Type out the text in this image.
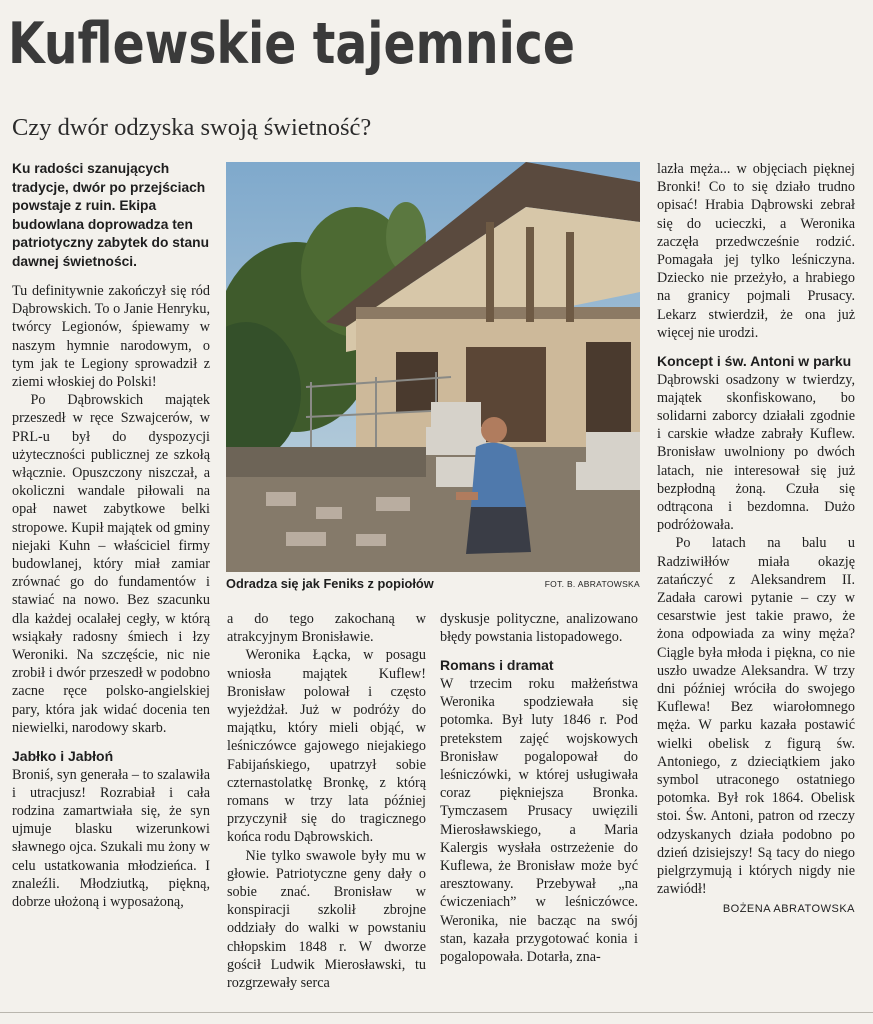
Kuflewskie tajemnice
Czy dwór odzyska swoją świetność?

Ku radości szanujących tradycje, dwór po przejściach powstaje z ruin. Ekipa budowlana doprowadza ten patriotyczny zabytek do stanu dawnej świetności.

Tu definitywnie zakończył się ród Dąbrowskich. To o Janie Henryku, twórcy Legionów, śpiewamy w naszym hymnie narodowym, o tym jak te Legiony sprowadził z ziemi włoskiej do Polski!

Po Dąbrowskich majątek przeszedł w ręce Szwajcerów, w PRL-u był do dyspozycji użyteczności publicznej ze szkołą włącznie. Opuszczony niszczał, a okoliczni wandale piłowali na opał nawet zabytkowe belki stropowe. Kupił majątek od gminy niejaki Kuhn – właściciel firmy budowlanej, który miał zamiar zrównać go do fundamentów i stawiać na nowo. Bez szacunku dla każdej ocalałej cegły, w którą wsiąkały radosny śmiech i łzy Weroniki. Na szczęście, nic nie zrobił i dwór przeszedł w podobno zacne ręce polsko-angielskiej pary, która jak widać docenia ten niewielki, narodowy skarb.

Jabłko i Jabłoń

Broniś, syn generała – to szalawiła i utracjusz! Rozrabiał i cała rodzina zamartwiała się, że syn ujmuje blasku wizerunkowi sławnego ojca. Szukali mu żony w celu ustatkowania młodzieńca. I znaleźli. Młodziutką, piękną, dobrze ułożoną i wyposażoną,

Odradza się jak Feniks z popiołów	FOT. B. ABRATOWSKA

a do tego zakochaną w atrakcyjnym Bronisławie.

Weronika Łącka, w posagu wniosła majątek Kuflew! Bronisław polował i często wyjeżdżał. Już w podróży do majątku, który mieli objąć, w leśniczówce gajowego niejakiego Fabijańskiego, upatrzył sobie czternastolatkę Bronkę, z którą romans w trzy lata później przyczynił się do tragicznego końca rodu Dąbrowskich.

Nie tylko swawole były mu w głowie. Patriotyczne geny dały o sobie znać. Bronisław w konspiracji szkolił zbrojne oddziały do walki w powstaniu chłopskim 1848 r. W dworze gościł Ludwik Mierosławski, tu rozgrzewały serca

dyskusje polityczne, analizowano błędy powstania listopadowego.

Romans i dramat

W trzecim roku małżeństwa Weronika spodziewała się potomka. Był luty 1846 r. Pod pretekstem zajęć wojskowych Bronisław pogalopował do leśniczówki, w której usługiwała coraz piękniejsza Bronka. Tymczasem Prusacy uwięzili Mierosławskiego, a Maria Kalergis wysłała ostrzeżenie do Kuflewa, że Bronisław może być aresztowany. Przebywał „na ćwiczeniach” w leśniczówce. Weronika, nie bacząc na swój stan, kazała przygotować konia i pogalopowała. Dotarła, zna-

lazła męża... w objęciach pięknej Bronki! Co to się działo trudno opisać! Hrabia Dąbrowski zebrał się do ucieczki, a Weronika zaczęła przedwcześnie rodzić. Pomagała jej tylko leśniczyna. Dziecko nie przeżyło, a hrabiego na granicy pojmali Prusacy. Lekarz stwierdził, że ona już więcej nie urodzi.

Koncept i św. Antoni w parku

Dąbrowski osadzony w twierdzy, majątek skonfiskowano, bo solidarni zaborcy działali zgodnie i carskie władze zabrały Kuflew. Bronisław uwolniony po dwóch latach, nie interesował się już bezpłodną żoną. Czuła się odtrącona i bezdomna. Dużo podróżowała.

Po latach na balu u Radziwiłłów miała okazję zatańczyć z Aleksandrem II. Zadała carowi pytanie – czy w cesarstwie jest takie prawo, że żona odpowiada za winy męża? Ciągle była młoda i piękna, co nie uszło uwadze Aleksandra. W trzy dni później wróciła do swojego Kuflewa! Bez wiarołomnego męża. W parku kazała postawić wielki obelisk z figurą św. Antoniego, z dzieciątkiem jako symbol utraconego ostatniego potomka. Był rok 1864. Obelisk stoi. Św. Antoni, patron od rzeczy odzyskanych działa podobno po dzień dzisiejszy! Są tacy do niego pielgrzymują i których nigdy nie zawiódł!

BOŻENA ABRATOWSKA
